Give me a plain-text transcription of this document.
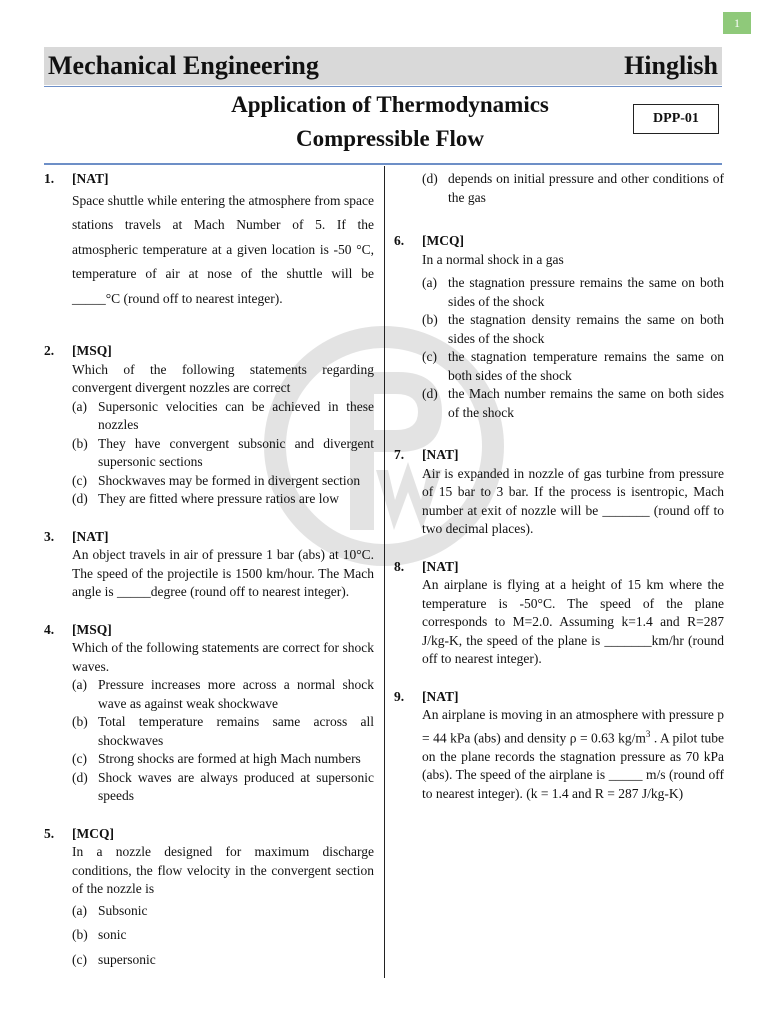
1
Mechanical Engineering	Hinglish
Application of Thermodynamics
Compressible Flow
DPP-01
1. [NAT]
Space shuttle while entering the atmosphere from space stations travels at Mach Number of 5. If the atmospheric temperature at a given location is -50 °C, temperature of air at nose of the shuttle will be _____°C (round off to nearest integer).
2. [MSQ]
Which of the following statements regarding convergent divergent nozzles are correct
(a) Supersonic velocities can be achieved in these nozzles
(b) They have convergent subsonic and divergent supersonic sections
(c) Shockwaves may be formed in divergent section
(d) They are fitted where pressure ratios are low
3. [NAT]
An object travels in air of pressure 1 bar (abs) at 10°C. The speed of the projectile is 1500 km/hour. The Mach angle is _____degree (round off to nearest integer).
4. [MSQ]
Which of the following statements are correct for shock waves.
(a) Pressure increases more across a normal shock wave as against weak shockwave
(b) Total temperature remains same across all shockwaves
(c) Strong shocks are formed at high Mach numbers
(d) Shock waves are always produced at supersonic speeds
5. [MCQ]
In a nozzle designed for maximum discharge conditions, the flow velocity in the convergent section of the nozzle is
(a) Subsonic
(b) sonic
(c) supersonic
(d) depends on initial pressure and other conditions of the gas
6. [MCQ]
In a normal shock in a gas
(a) the stagnation pressure remains the same on both sides of the shock
(b) the stagnation density remains the same on both sides of the shock
(c) the stagnation temperature remains the same on both sides of the shock
(d) the Mach number remains the same on both sides of the shock
7. [NAT]
Air is expanded in nozzle of gas turbine from pressure of 15 bar to 3 bar. If the process is isentropic, Mach number at exit of nozzle will be _______ (round off to two decimal places).
8. [NAT]
An airplane is flying at a height of 15 km where the temperature is -50°C. The speed of the plane corresponds to M=2.0. Assuming k=1.4 and R=287 J/kg-K, the speed of the plane is _______km/hr (round off to nearest integer).
9. [NAT]
An airplane is moving in an atmosphere with pressure p = 44 kPa (abs) and density ρ = 0.63 $kg/m^3$ . A pilot tube on the plane records the stagnation pressure as 70 kPa (abs). The speed of the airplane is _____ m/s (round off to nearest integer). (k = 1.4 and R = 287 J/kg-K)
